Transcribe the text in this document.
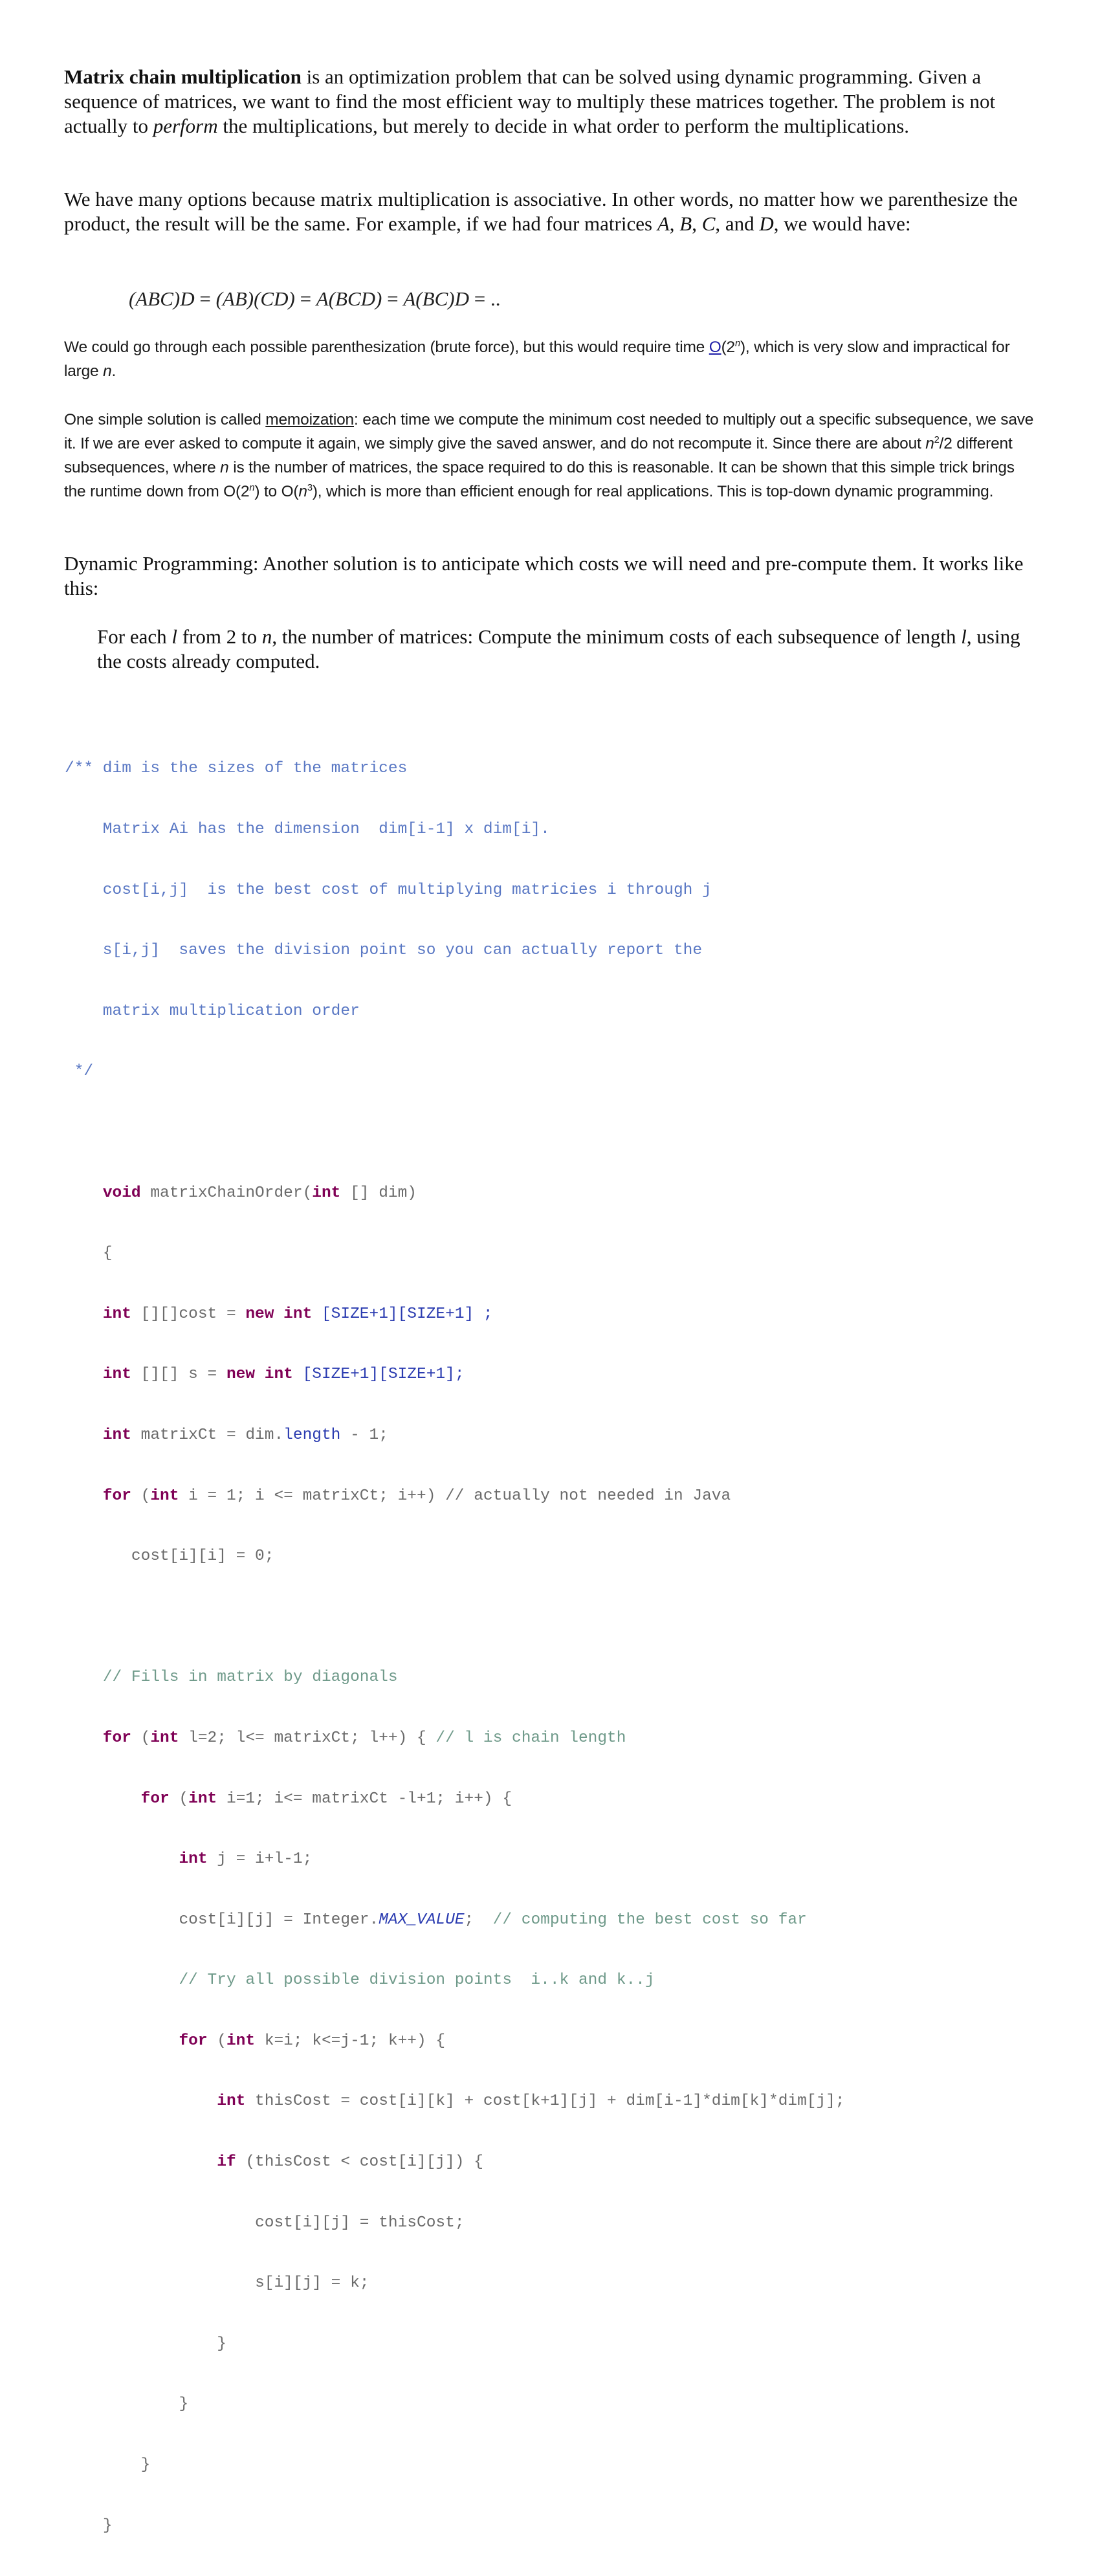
Matrix chain multiplication is an optimization problem that can be solved using dynamic programming. Given a sequence of matrices, we want to find the most efficient way to multiply these matrices together. The problem is not actually to perform the multiplications, but merely to decide in what order to perform the multiplications.

We have many options because matrix multiplication is associative. In other words, no matter how we parenthesize the product, the result will be the same. For example, if we had four matrices A, B, C, and D, we would have:

(ABC)D = (AB)(CD) = A(BCD) = A(BC)D = ..

We could go through each possible parenthesization (brute force), but this would require time O(2$^n$), which is very slow and impractical for large n.

One simple solution is called memoization: each time we compute the minimum cost needed to multiply out a specific subsequence, we save it. If we are ever asked to compute it again, we simply give the saved answer, and do not recompute it. Since there are about $n^2/2$ different subsequences, where n is the number of matrices, the space required to do this is reasonable. It can be shown that this simple trick brings the runtime down from O(2$^n$) to $O(n^3)$, which is more than efficient enough for real applications. This is top-down dynamic programming.

Dynamic Programming: Another solution is to anticipate which costs we will need and pre-compute them. It works like this:

For each l from 2 to n, the number of matrices: Compute the minimum costs of each subsequence of length l, using the costs already computed.

/** dim is the sizes of the matrices

Matrix Ai has the dimension  dim[i-1] x dim[i].

cost[i,j]  is the best cost of multiplying matricies i through j

s[i,j]  saves the division point so you can actually report the

matrix multiplication order

*/

void matrixChainOrder(int [] dim)

{

int [][]cost = new int [SIZE+1][SIZE+1] ;

int [][] s = new int [SIZE+1][SIZE+1];

int matrixCt = dim.length - 1;

for (int i = 1; i <= matrixCt; i++) // actually not needed in Java

cost[i][i] = 0;

// Fills in matrix by diagonals

for (int l=2; l<= matrixCt; l++) { // l is chain length

for (int i=1; i<= matrixCt -l+1; i++) {

int j = i+l-1;

cost[i][j] = Integer.MAX_VALUE;  // computing the best cost so far

// Try all possible division points  i..k and k..j

for (int k=i; k<=j-1; k++) {

int thisCost = cost[i][k] + cost[k+1][j] + dim[i-1]*dim[k]*dim[j];

if (thisCost < cost[i][j]) {

cost[i][j] = thisCost;

s[i][j] = k;

}

}

}

}
